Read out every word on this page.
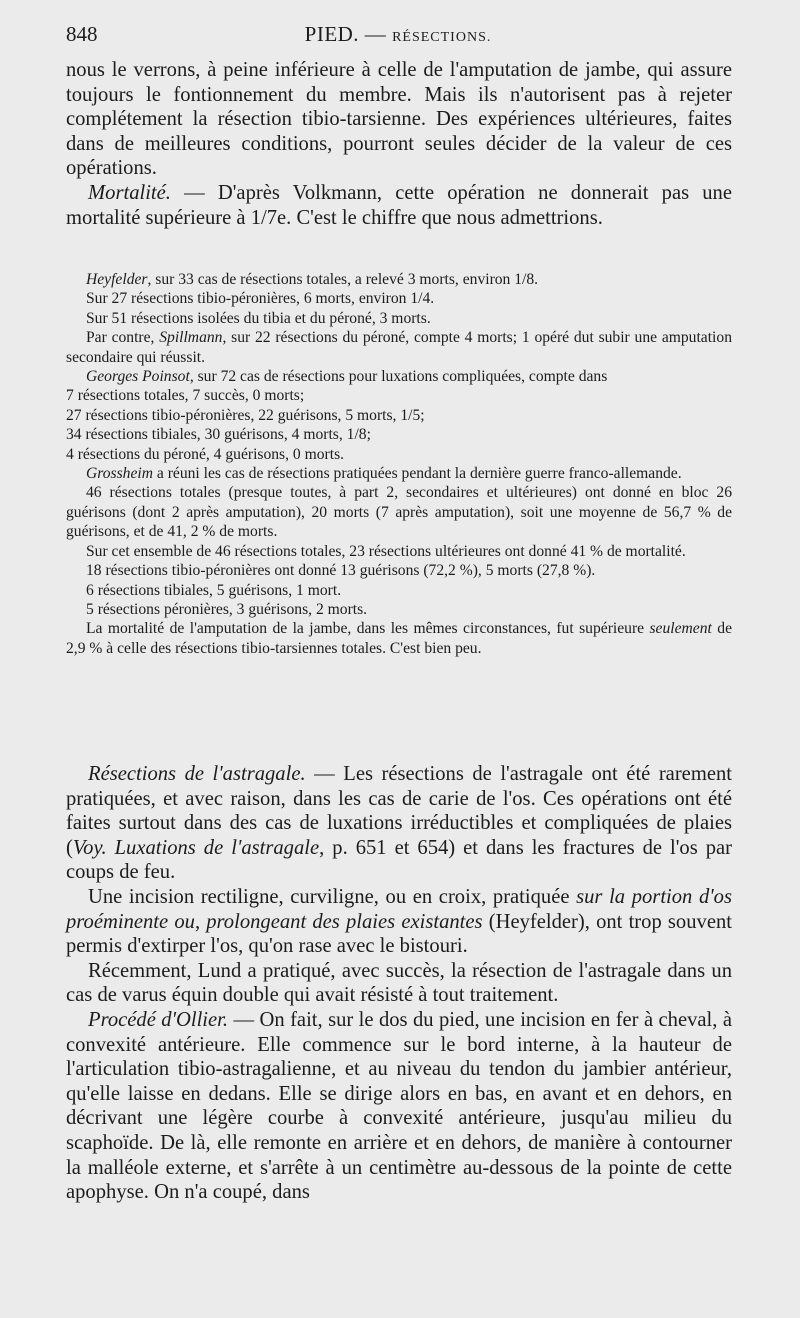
848	PIED. — RÉSECTIONS.

nous le verrons, à peine inférieure à celle de l'amputation de jambe, qui assure toujours le fontionnement du membre. Mais ils n'autorisent pas à rejeter complétement la résection tibio-tarsienne. Des expériences ultérieures, faites dans de meilleures conditions, pourront seules décider de la valeur de ces opérations.

Mortalité. — D'après Volkmann, cette opération ne donnerait pas une mortalité supérieure à 1/7e. C'est le chiffre que nous admettrions.

Heyfelder, sur 33 cas de résections totales, a relevé 3 morts, environ 1/8.

Sur 27 résections tibio-péronières, 6 morts, environ 1/4.

Sur 51 résections isolées du tibia et du péroné, 3 morts.

Par contre, Spillmann, sur 22 résections du péroné, compte 4 morts; 1 opéré dut subir une amputation secondaire qui réussit.

Georges Poinsot, sur 72 cas de résections pour luxations compliquées, compte dans

7 résections totales, 7 succès, 0 morts;

27 résections tibio-péronières, 22 guérisons, 5 morts, 1/5;

34 résections tibiales, 30 guérisons, 4 morts, 1/8;

4 résections du péroné, 4 guérisons, 0 morts.

Grossheim a réuni les cas de résections pratiquées pendant la dernière guerre franco-allemande.

46 résections totales (presque toutes, à part 2, secondaires et ultérieures) ont donné en bloc 26 guérisons (dont 2 après amputation), 20 morts (7 après amputation), soit une moyenne de 56,7 % de guérisons, et de 41, 2 % de morts.

Sur cet ensemble de 46 résections totales, 23 résections ultérieures ont donné 41 % de mortalité.

18 résections tibio-péronières ont donné 13 guérisons (72,2 %), 5 morts (27,8 %).

6 résections tibiales, 5 guérisons, 1 mort.

5 résections péronières, 3 guérisons, 2 morts.

La mortalité de l'amputation de la jambe, dans les mêmes circonstances, fut supérieure seulement de 2,9 % à celle des résections tibio-tarsiennes totales. C'est bien peu.

Résections de l'astragale. — Les résections de l'astragale ont été rarement pratiquées, et avec raison, dans les cas de carie de l'os. Ces opérations ont été faites surtout dans des cas de luxations irréductibles et compliquées de plaies (Voy. Luxations de l'astragale, p. 651 et 654) et dans les fractures de l'os par coups de feu.

Une incision rectiligne, curviligne, ou en croix, pratiquée sur la portion d'os proéminente ou, prolongeant des plaies existantes (Heyfelder), ont trop souvent permis d'extirper l'os, qu'on rase avec le bistouri.

Récemment, Lund a pratiqué, avec succès, la résection de l'astragale dans un cas de varus équin double qui avait résisté à tout traitement.

Procédé d'Ollier. — On fait, sur le dos du pied, une incision en fer à cheval, à convexité antérieure. Elle commence sur le bord interne, à la hauteur de l'articulation tibio-astragalienne, et au niveau du tendon du jambier antérieur, qu'elle laisse en dedans. Elle se dirige alors en bas, en avant et en dehors, en décrivant une légère courbe à convexité antérieure, jusqu'au milieu du scaphoïde. De là, elle remonte en arrière et en dehors, de manière à contourner la malléole externe, et s'arrête à un centimètre au-dessous de la pointe de cette apophyse. On n'a coupé, dans
